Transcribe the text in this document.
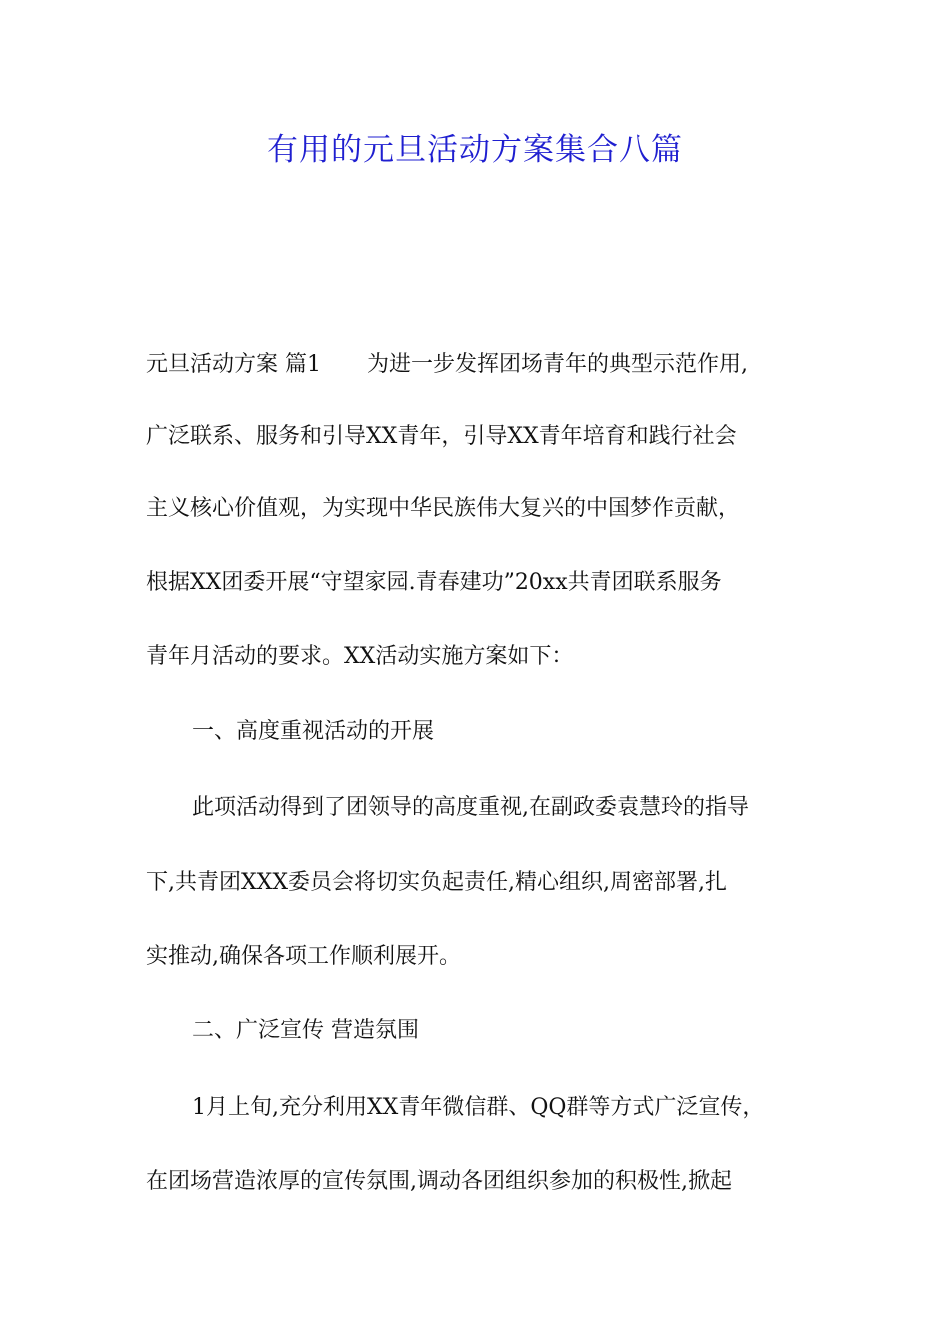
有用的元旦活动方案集合八篇
元旦活动方案 篇1 为进一步发挥团场青年的典型示范作用,
广泛联系、服务和引导XX青年，引导XX青年培育和践行社会
主义核心价值观，为实现中华民族伟大复兴的中国梦作贡献，
根据XX团委开展“守望家园.青春建功”20xx共青团联系服务
青年月活动的要求。XX活动实施方案如下：
一、高度重视活动的开展
此项活动得到了团领导的高度重视,在副政委袁慧玲的指导
下,共青团XXX委员会将切实负起责任,精心组织,周密部署,扎
实推动,确保各项工作顺利展开。
二、广泛宣传 营造氛围
1月上旬,充分利用XX青年微信群、QQ群等方式广泛宣传，
在团场营造浓厚的宣传氛围,调动各团组织参加的积极性,掀起
